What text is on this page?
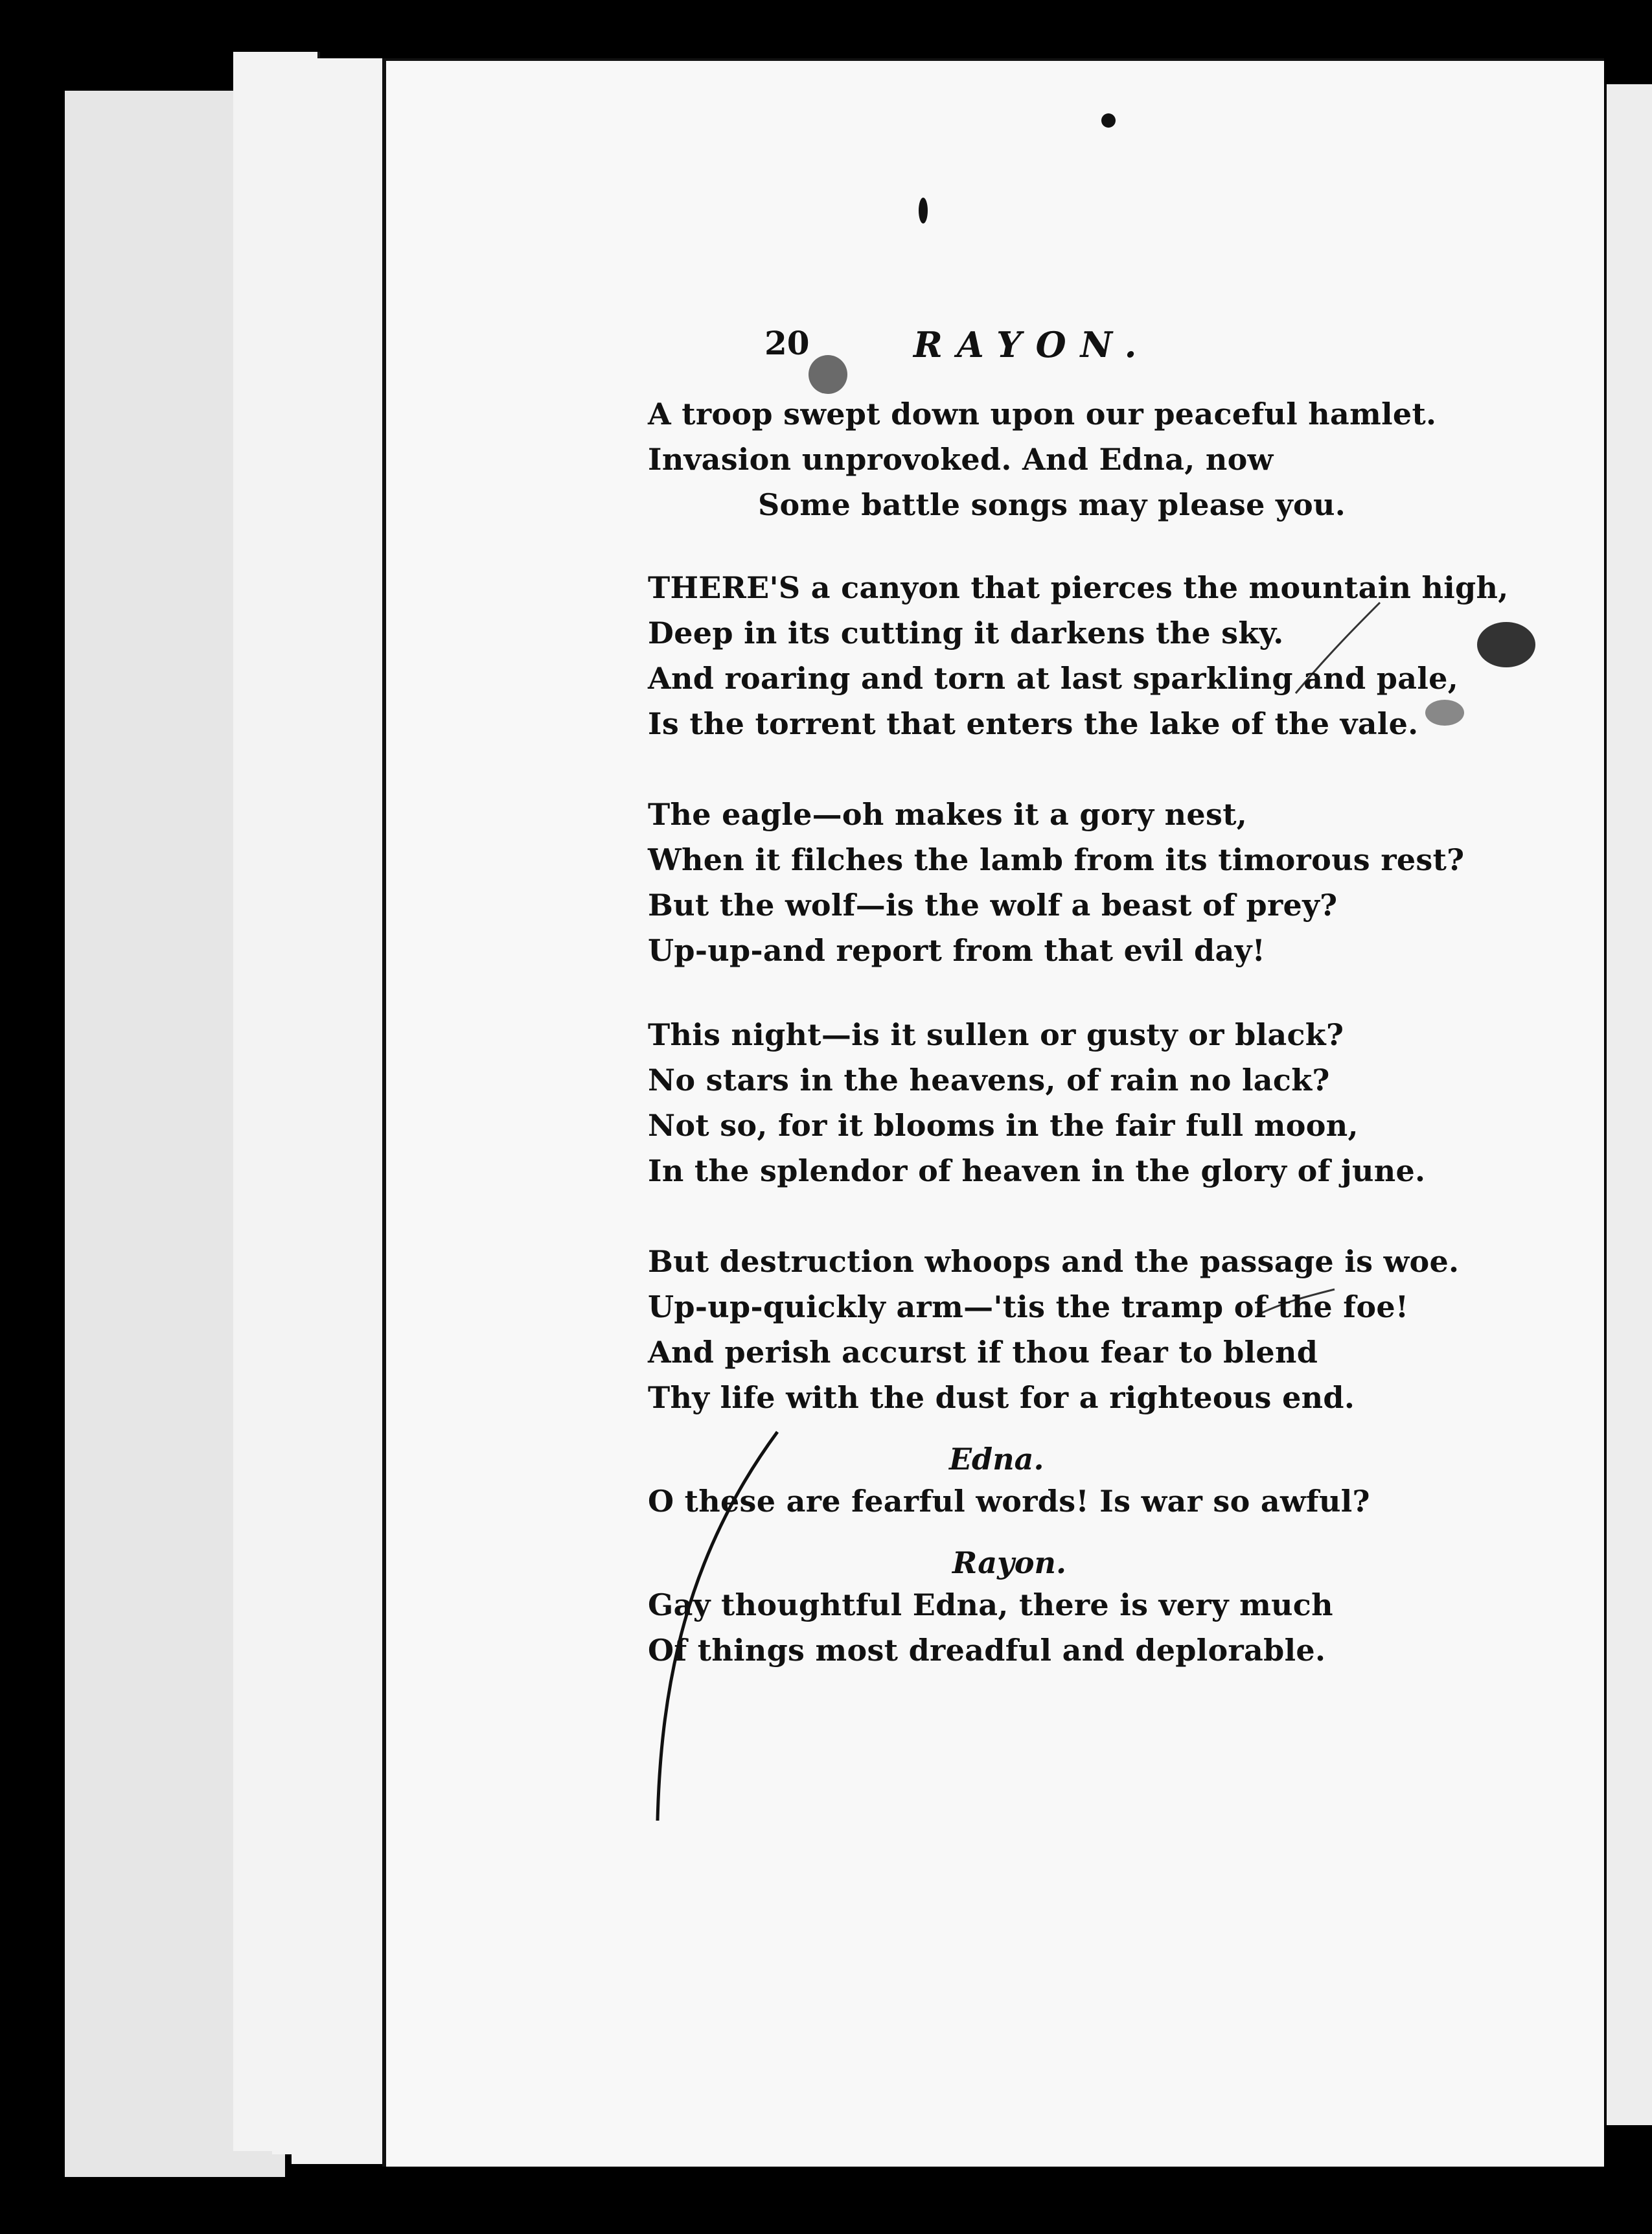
20	RAYON.
A troop swept down upon our peaceful hamlet.
Invasion unprovoked. And Edna, now
Some battle songs may please you.
THERE'S a canyon that pierces the mountain high,
Deep in its cutting it darkens the sky.
And roaring and torn at last sparkling and pale,
Is the torrent that enters the lake of the vale.
The eagle—oh makes it a gory nest,
When it filches the lamb from its timorous rest?
But the wolf—is the wolf a beast of prey?
Up-up-and report from that evil day!
This night—is it sullen or gusty or black?
No stars in the heavens, of rain no lack?
Not so, for it blooms in the fair full moon,
In the splendor of heaven in the glory of june.
But destruction whoops and the passage is woe.
Up-up-quickly arm—'tis the tramp of the foe!
And perish accurst if thou fear to blend
Thy life with the dust for a righteous end.
Edna.
O these are fearful words! Is war so awful?
Rayon.
Gay thoughtful Edna, there is very much
Of things most dreadful and deplorable.
